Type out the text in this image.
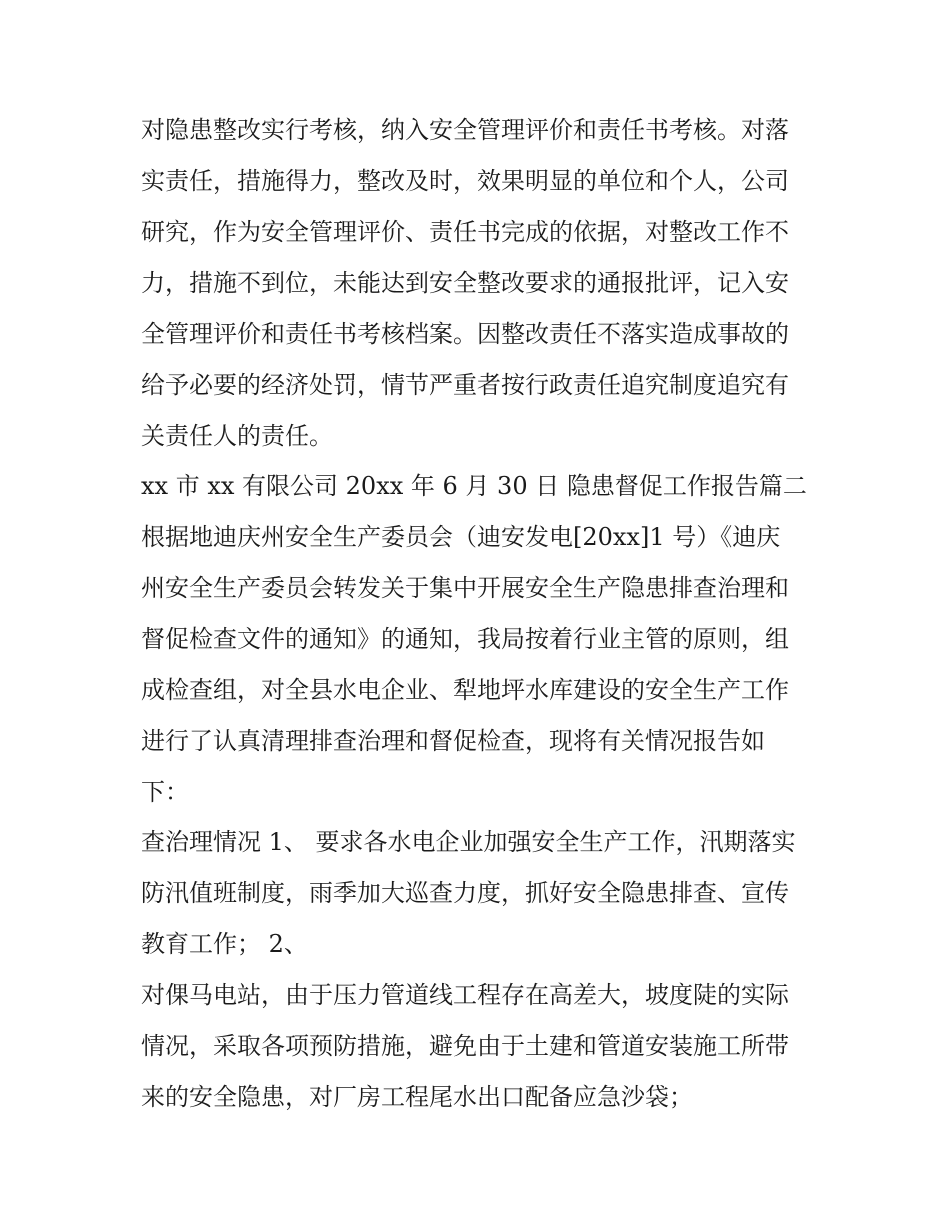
对隐患整改实行考核，纳入安全管理评价和责任书考核。对落
实责任，措施得力，整改及时，效果明显的单位和个人，公司
研究，作为安全管理评价、责任书完成的依据，对整改工作不
力，措施不到位，未能达到安全整改要求的通报批评，记入安
全管理评价和责任书考核档案。因整改责任不落实造成事故的
给予必要的经济处罚，情节严重者按行政责任追究制度追究有
关责任人的责任。
xx 市 xx 有限公司 20xx 年 6 月 30 日 隐患督促工作报告篇二
根据地迪庆州安全生产委员会（迪安发电[20xx]1 号）《迪庆
州安全生产委员会转发关于集中开展安全生产隐患排查治理和
督促检查文件的通知》的通知，我局按着行业主管的原则，组
成检查组，对全县水电企业、犁地坪水库建设的安全生产工作
进行了认真清理排查治理和督促检查，现将有关情况报告如
下：
查治理情况 1、 要求各水电企业加强安全生产工作，汛期落实
防汛值班制度，雨季加大巡查力度，抓好安全隐患排查、宣传
教育工作； 2、
对倮马电站，由于压力管道线工程存在高差大，坡度陡的实际
情况，采取各项预防措施，避免由于土建和管道安装施工所带
来的安全隐患，对厂房工程尾水出口配备应急沙袋；
